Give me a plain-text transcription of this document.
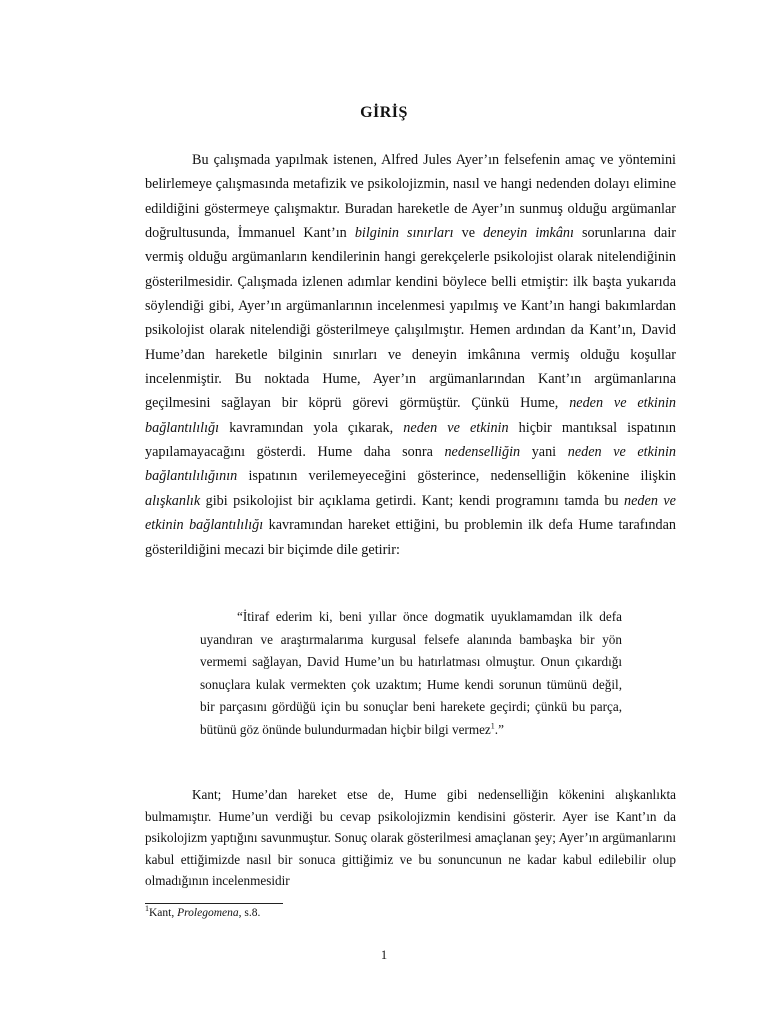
GİRİŞ

Bu çalışmada yapılmak istenen, Alfred Jules Ayer’ın felsefenin amaç ve yöntemini belirlemeye çalışmasında metafizik ve psikolojizmin, nasıl ve hangi nedenden dolayı elimine edildiğini göstermeye çalışmaktır. Buradan hareketle de Ayer’ın sunmuş olduğu argümanlar doğrultusunda, İmmanuel Kant’ın bilginin sınırları ve deneyin imkânı sorunlarına dair vermiş olduğu argümanların kendilerinin hangi gerekçelerle psikolojist olarak nitelendiğinin gösterilmesidir. Çalışmada izlenen adımlar kendini böylece belli etmiştir: ilk başta yukarıda söylendiği gibi, Ayer’ın argümanlarının incelenmesi yapılmış ve Kant’ın hangi bakımlardan psikolojist olarak nitelendiği gösterilmeye çalışılmıştır. Hemen ardından da Kant’ın, David Hume’dan hareketle bilginin sınırları ve deneyin imkânına vermiş olduğu koşullar incelenmiştir. Bu noktada Hume, Ayer’ın argümanlarından Kant’ın argümanlarına geçilmesini sağlayan bir köprü görevi görmüştür. Çünkü Hume, neden ve etkinin bağlantılılığı kavramından yola çıkarak, neden ve etkinin hiçbir mantıksal ispatının yapılamayacağını gösterdi. Hume daha sonra nedenselliğin yani neden ve etkinin bağlantılılığının ispatının verilemeyeceğini gösterince, nedenselliğin kökenine ilişkin alışkanlık gibi psikolojist bir açıklama getirdi. Kant; kendi programını tamda bu neden ve etkinin bağlantılılığı kavramından hareket ettiğini, bu problemin ilk defa Hume tarafından gösterildiğini mecazi bir biçimde dile getirir:

“İtiraf ederim ki, beni yıllar önce dogmatik uyuklamamdan ilk defa uyandıran ve araştırmalarıma kurgusal felsefe alanında bambaşka bir yön vermemi sağlayan, David Hume’un bu hatırlatması olmuştur. Onun çıkardığı sonuçlara kulak vermekten çok uzaktım; Hume kendi sorunun tümünü değil, bir parçasını gördüğü için bu sonuçlar beni harekete geçirdi; çünkü bu parça, bütünü göz önünde bulundurmadan hiçbir bilgi vermez$^1$.”

Kant; Hume’dan hareket etse de, Hume gibi nedenselliğin kökenini alışkanlıkta bulmamıştır. Hume’un verdiği bu cevap psikolojizmin kendisini gösterir. Ayer ise Kant’ın da psikolojizm yaptığını savunmuştur. Sonuç olarak gösterilmesi amaçlanan şey; Ayer’ın argümanlarını kabul ettiğimizde nasıl bir sonuca gittiğimiz ve bu sonuncunun ne kadar kabul edilebilir olup olmadığının incelenmesidir

$^1$Kant, Prolegomena, s.8.
1
